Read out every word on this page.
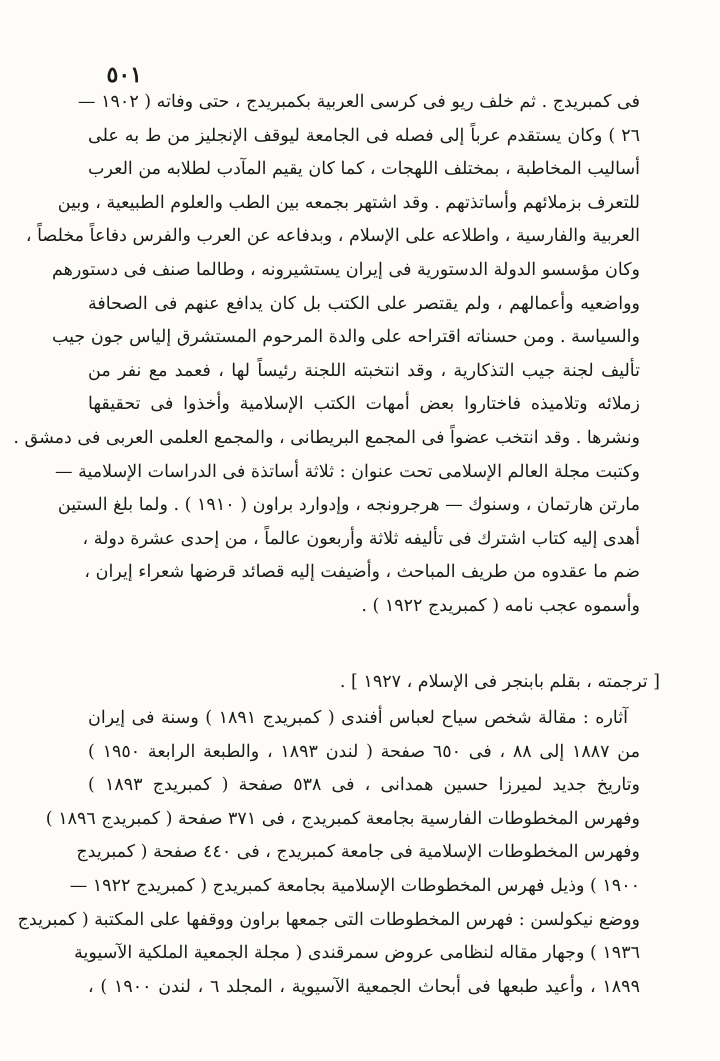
٥٠١
فى كمبريدج . ثم خلف ريو فى كرسى العربية بكمبريدج ، حتى وفاته ( ١٩٠٢ —
٢٦ ) وكان يستقدم عرباً إلى فصله فى الجامعة ليوقف الإنجليز من ط به على
أساليب المخاطبة ، بمختلف اللهجات ، كما كان يقيم المآدب لطلابه من العرب
للتعرف بزملائهم وأساتذتهم . وقد اشتهر بجمعه بين الطب والعلوم الطبيعية ، وبين
العربية والفارسية ، واطلاعه على الإسلام ، وبدفاعه عن العرب والفرس دفاعاً مخلصاً ،
وكان مؤسسو الدولة الدستورية فى إيران يستشيرونه ، وطالما صنف فى دستورهم
وواضعيه وأعمالهم ، ولم يقتصر على الكتب بل كان يدافع عنهم فى الصحافة
والسياسة . ومن حسناته اقتراحه على والدة المرحوم المستشرق إلياس جون جيب
تأليف لجنة جيب التذكارية ، وقد انتخبته اللجنة رئيساً لها ، فعمد مع نفر من
زملائه وتلاميذه فاختاروا بعض أمهات الكتب الإسلامية وأخذوا فى تحقيقها
ونشرها . وقد انتخب عضواً فى المجمع البريطانى ، والمجمع العلمى العربى فى دمشق .
وكتبت مجلة العالم الإسلامى تحت عنوان : ثلاثة أساتذة فى الدراسات الإسلامية —
مارتن هارتمان ، وسنوك — هرجرونجه ، وإدوارد براون ( ١٩١٠ ) . ولما بلغ الستين
أهدى إليه كتاب اشترك فى تأليفه ثلاثة وأربعون عالماً ، من إحدى عشرة دولة ،
ضم ما عقدوه من طريف المباحث ، وأضيفت إليه قصائد قرضها شعراء إيران ،
وأسموه عجب نامه ( كمبريدج ١٩٢٢ ) .
[ ترجمته ، بقلم بابنجر فى الإسلام ، ١٩٢٧ ] .
آثاره : مقالة شخص سياح لعباس أفندى ( كمبريدج ١٨٩١ ) وسنة فى إيران
من ١٨٨٧ إلى ٨٨ ، فى ٦٥٠ صفحة ( لندن ١٨٩٣ ، والطبعة الرابعة ١٩٥٠ )
وتاريخ جديد لميرزا حسين همدانى ، فى ٥٣٨ صفحة ( كمبريدج ١٨٩٣ )
وفهرس المخطوطات الفارسية بجامعة كمبريدج ، فى ٣٧١ صفحة ( كمبريدج ١٨٩٦ )
وفهرس المخطوطات الإسلامية فى جامعة كمبريدج ، فى ٤٤٠ صفحة ( كمبريدج
١٩٠٠ ) وذيل فهرس المخطوطات الإسلامية بجامعة كمبريدج ( كمبريدج ١٩٢٢ —
ووضع نيكولسن : فهرس المخطوطات التى جمعها براون ووقفها على المكتبة ( كمبريدج
١٩٣٦ ) وجهار مقاله لنظامى عروض سمرقندى ( مجلة الجمعية الملكية الآسيوية
١٨٩٩ ، وأعيد طبعها فى أبحاث الجمعية الآسيوية ، المجلد ٦ ، لندن ١٩٠٠ ) ،
